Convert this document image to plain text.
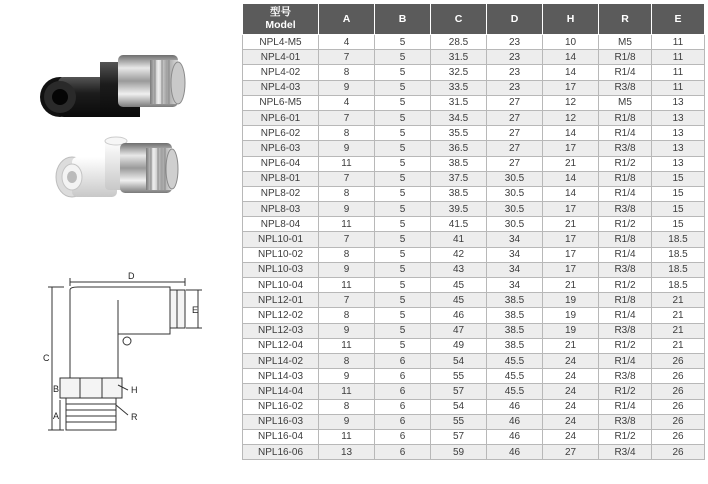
D
E
C
B
A
H
R
型号
Model	A	B	C	D	H	R	E
NPL4-M5	4	5	28.5	23	10	M5	11
NPL4-01	7	5	31.5	23	14	R1/8	11
NPL4-02	8	5	32.5	23	14	R1/4	11
NPL4-03	9	5	33.5	23	17	R3/8	11
NPL6-M5	4	5	31.5	27	12	M5	13
NPL6-01	7	5	34.5	27	12	R1/8	13
NPL6-02	8	5	35.5	27	14	R1/4	13
NPL6-03	9	5	36.5	27	17	R3/8	13
NPL6-04	11	5	38.5	27	21	R1/2	13
NPL8-01	7	5	37.5	30.5	14	R1/8	15
NPL8-02	8	5	38.5	30.5	14	R1/4	15
NPL8-03	9	5	39.5	30.5	17	R3/8	15
NPL8-04	11	5	41.5	30.5	21	R1/2	15
NPL10-01	7	5	41	34	17	R1/8	18.5
NPL10-02	8	5	42	34	17	R1/4	18.5
NPL10-03	9	5	43	34	17	R3/8	18.5
NPL10-04	11	5	45	34	21	R1/2	18.5
NPL12-01	7	5	45	38.5	19	R1/8	21
NPL12-02	8	5	46	38.5	19	R1/4	21
NPL12-03	9	5	47	38.5	19	R3/8	21
NPL12-04	11	5	49	38.5	21	R1/2	21
NPL14-02	8	6	54	45.5	24	R1/4	26
NPL14-03	9	6	55	45.5	24	R3/8	26
NPL14-04	11	6	57	45.5	24	R1/2	26
NPL16-02	8	6	54	46	24	R1/4	26
NPL16-03	9	6	55	46	24	R3/8	26
NPL16-04	11	6	57	46	24	R1/2	26
NPL16-06	13	6	59	46	27	R3/4	26
